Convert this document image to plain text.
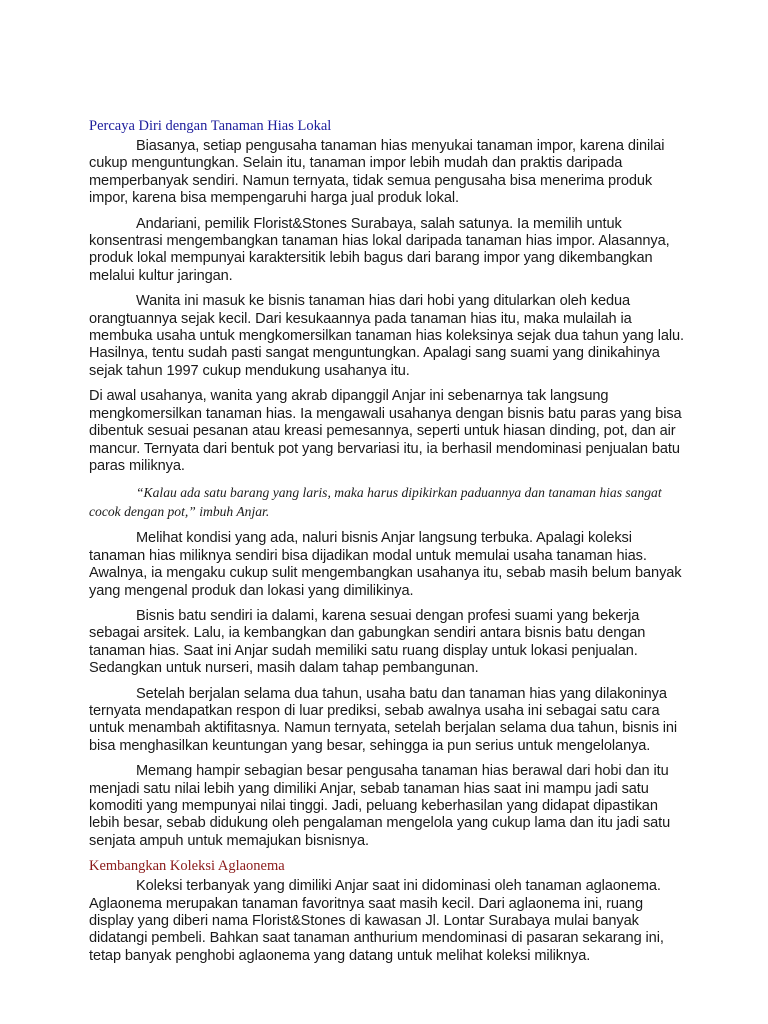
Percaya Diri dengan Tanaman Hias Lokal

Biasanya, setiap pengusaha tanaman hias menyukai tanaman impor, karena dinilai cukup menguntungkan. Selain itu, tanaman impor lebih mudah dan praktis daripada memperbanyak sendiri. Namun ternyata, tidak semua pengusaha bisa menerima produk impor, karena bisa mempengaruhi harga jual produk lokal.

Andariani, pemilik Florist&Stones Surabaya, salah satunya. Ia memilih untuk konsentrasi mengembangkan tanaman hias lokal daripada tanaman hias impor. Alasannya, produk lokal mempunyai karaktersitik lebih bagus dari barang impor yang dikembangkan melalui kultur jaringan.

Wanita ini masuk ke bisnis tanaman hias dari hobi yang ditularkan oleh kedua orangtuannya sejak kecil. Dari kesukaannya pada tanaman hias itu, maka mulailah ia membuka usaha untuk mengkomersilkan tanaman hias koleksinya sejak dua tahun yang lalu. Hasilnya, tentu sudah pasti sangat menguntungkan. Apalagi sang suami yang dinikahinya sejak tahun 1997 cukup mendukung usahanya itu.

Di awal usahanya, wanita yang akrab dipanggil Anjar ini sebenarnya tak langsung mengkomersilkan tanaman hias. Ia mengawali usahanya dengan bisnis batu paras yang bisa dibentuk sesuai pesanan atau kreasi pemesannya, seperti untuk hiasan dinding, pot, dan air mancur. Ternyata dari bentuk pot yang bervariasi itu, ia berhasil mendominasi penjualan batu paras miliknya.

“Kalau ada satu barang yang laris, maka harus dipikirkan paduannya dan tanaman hias sangat cocok dengan pot,” imbuh Anjar.

Melihat kondisi yang ada, naluri bisnis Anjar langsung terbuka. Apalagi koleksi tanaman hias miliknya sendiri bisa dijadikan modal untuk memulai usaha tanaman hias. Awalnya, ia mengaku cukup sulit mengembangkan usahanya itu, sebab masih belum banyak yang mengenal produk dan lokasi yang dimilikinya.

Bisnis batu sendiri ia dalami, karena sesuai dengan profesi suami yang bekerja sebagai arsitek. Lalu, ia kembangkan dan gabungkan sendiri antara bisnis batu dengan tanaman hias. Saat ini Anjar sudah memiliki satu ruang display untuk lokasi penjualan. Sedangkan untuk nurseri, masih dalam tahap pembangunan.

Setelah berjalan selama dua tahun, usaha batu dan tanaman hias yang dilakoninya ternyata mendapatkan respon di luar prediksi, sebab awalnya usaha ini sebagai satu cara untuk menambah aktifitasnya. Namun ternyata, setelah berjalan selama dua tahun, bisnis ini bisa menghasilkan keuntungan yang besar, sehingga ia pun serius untuk mengelolanya.

Memang hampir sebagian besar pengusaha tanaman hias berawal dari hobi dan itu menjadi satu nilai lebih yang dimiliki Anjar, sebab tanaman hias saat ini mampu jadi satu komoditi yang mempunyai nilai tinggi. Jadi, peluang keberhasilan yang didapat dipastikan lebih besar, sebab didukung oleh pengalaman mengelola yang cukup lama dan itu jadi satu senjata ampuh untuk memajukan bisnisnya.

Kembangkan Koleksi Aglaonema

Koleksi terbanyak yang dimiliki Anjar saat ini didominasi oleh tanaman aglaonema. Aglaonema merupakan tanaman favoritnya saat masih kecil. Dari aglaonema ini, ruang display yang diberi nama Florist&Stones di kawasan Jl. Lontar Surabaya mulai banyak didatangi pembeli. Bahkan saat tanaman anthurium mendominasi di pasaran sekarang ini, tetap banyak penghobi aglaonema yang datang untuk melihat koleksi miliknya.
